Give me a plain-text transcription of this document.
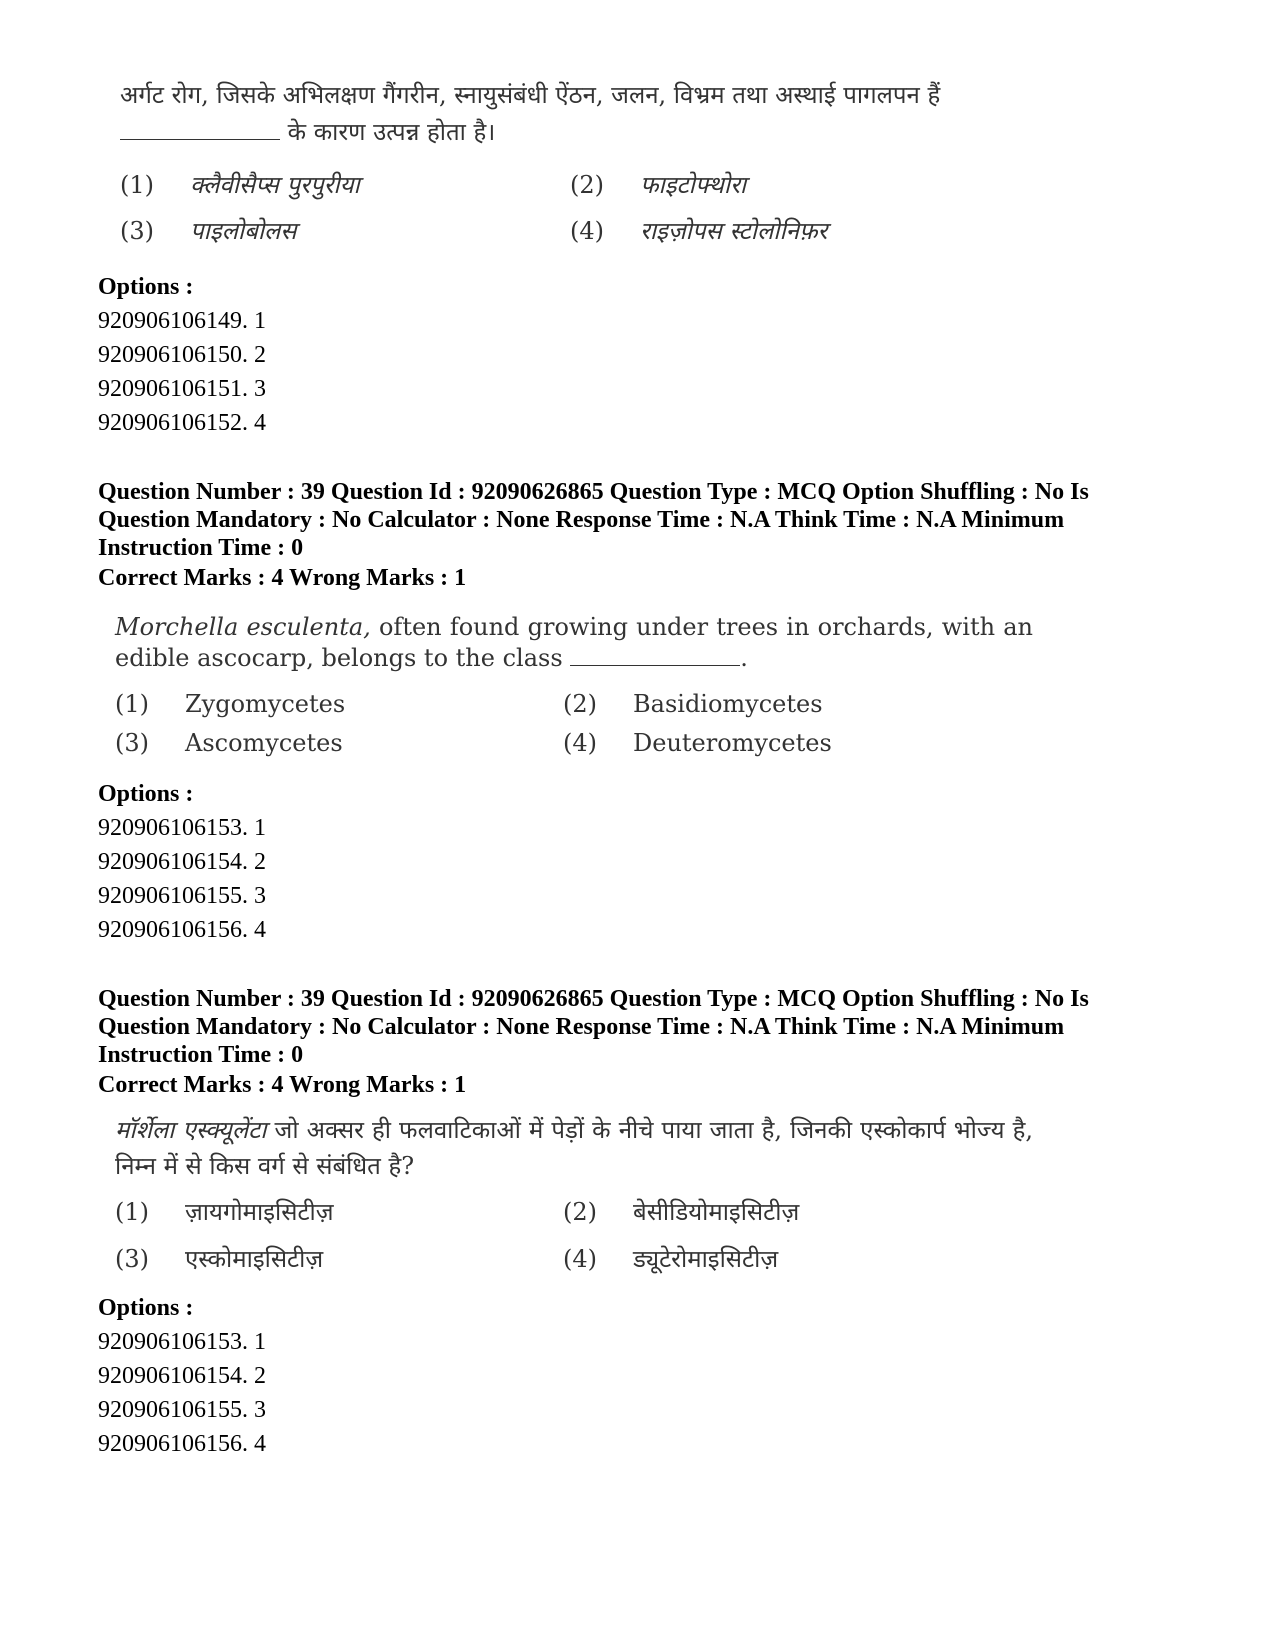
अर्गट रोग, जिसके अभिलक्षण गैंगरीन, स्नायुसंबंधी ऐंठन, जलन, विभ्रम तथा अस्थाई पागलपन हैं

के कारण उत्पन्न होता है।

(1) क्लैवीसैप्स पुरपुरीया	(2) फाइटोफ्थोरा
(3) पाइलोबोलस	(4) राइज़ोपस स्टोलोनिफ़र
Options :
920906106149. 1
920906106150. 2
920906106151. 3
920906106152. 4

Question Number : 39 Question Id : 92090626865 Question Type : MCQ Option Shuffling : No Is Question Mandatory : No Calculator : None Response Time : N.A Think Time : N.A Minimum Instruction Time : 0

Correct Marks : 4 Wrong Marks : 1

Morchella esculenta, often found growing under trees in orchards, with an edible ascocarp, belongs to the class	.

(1) Zygomycetes	(2) Basidiomycetes
(3) Ascomycetes	(4) Deuteromycetes
Options :
920906106153. 1
920906106154. 2
920906106155. 3
920906106156. 4

Question Number : 39 Question Id : 92090626865 Question Type : MCQ Option Shuffling : No Is Question Mandatory : No Calculator : None Response Time : N.A Think Time : N.A Minimum Instruction Time : 0

Correct Marks : 4 Wrong Marks : 1

मॉर्शेला एस्क्यूलेंटा जो अक्सर ही फलवाटिकाओं में पेड़ों के नीचे पाया जाता है, जिनकी एस्कोकार्प भोज्य है, निम्न में से किस वर्ग से संबंधित है?

(1) ज़ायगोमाइसिटीज़	(2) बेसीडियोमाइसिटीज़
(3) एस्कोमाइसिटीज़	(4) ड्यूटेरोमाइसिटीज़
Options :
920906106153. 1
920906106154. 2
920906106155. 3
920906106156. 4
